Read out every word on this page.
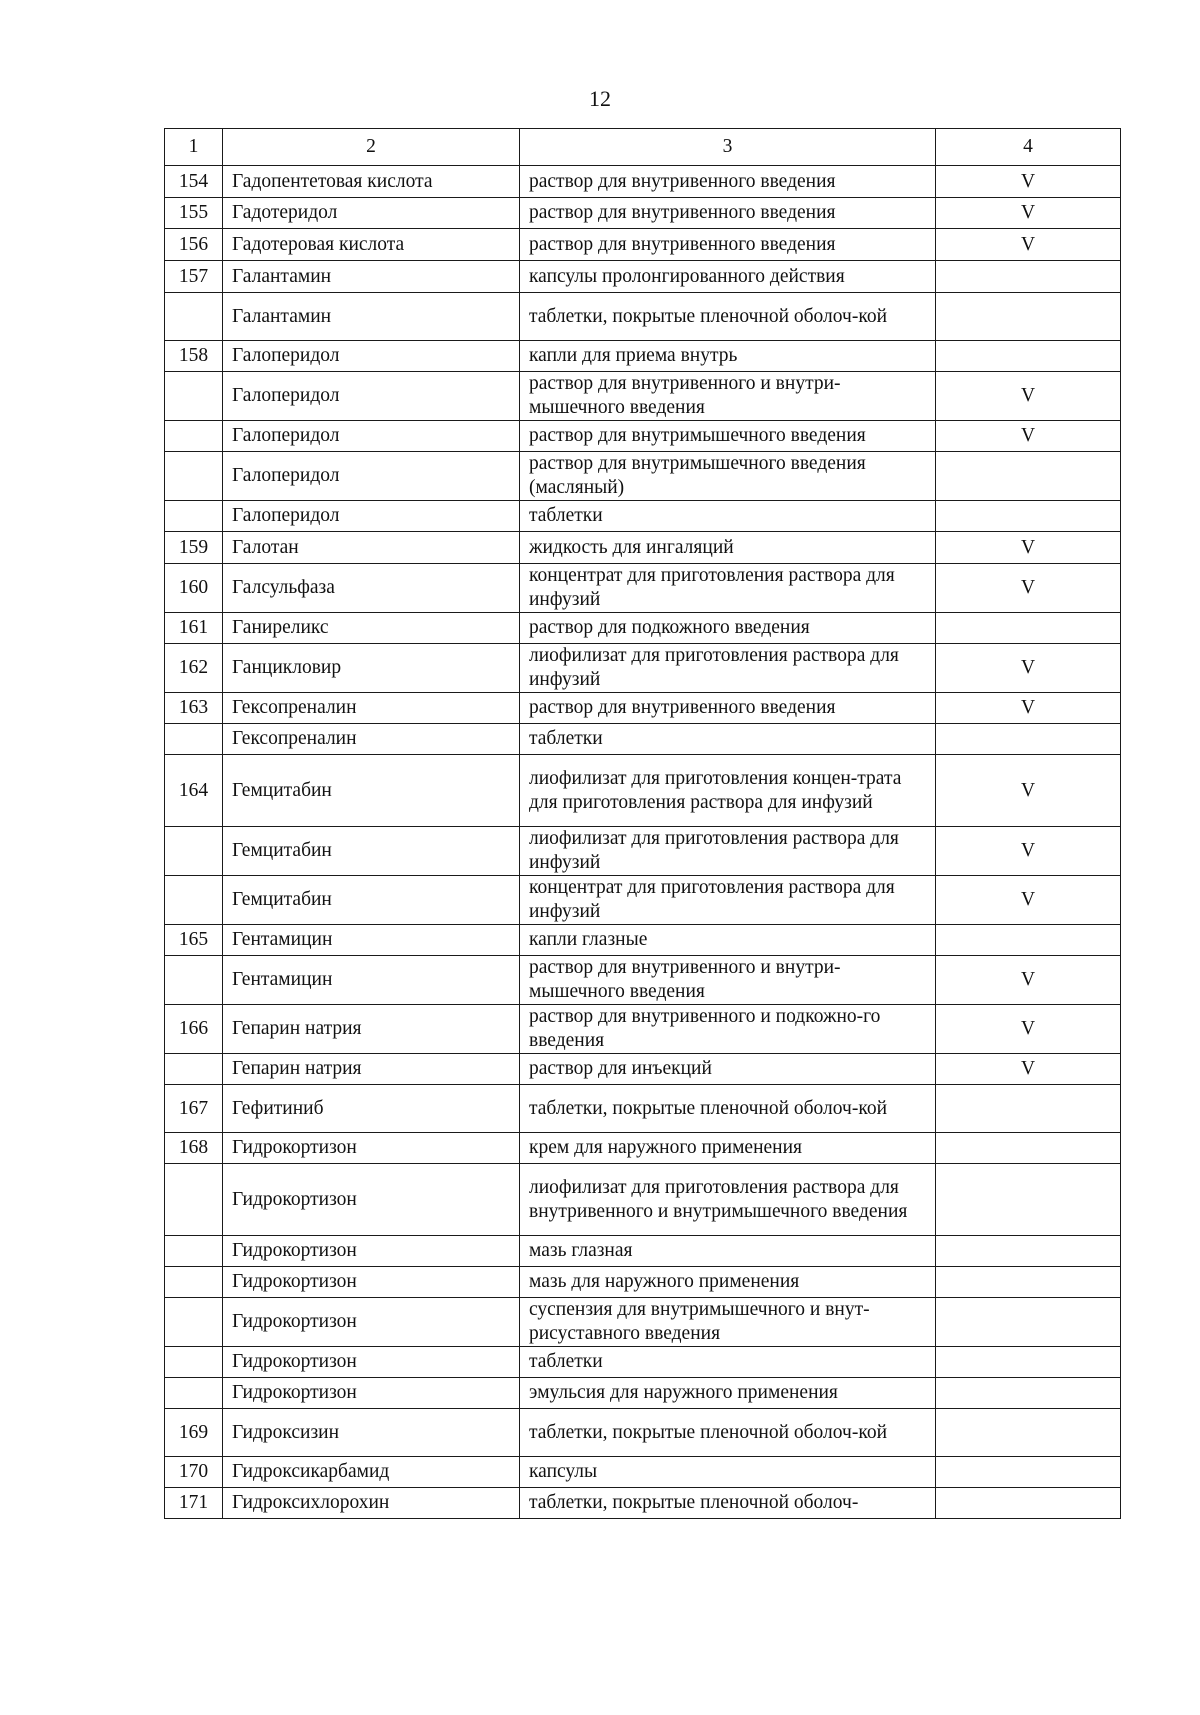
12
1	2	3	4
154	Гадопентетовая кислота	раствор для внутривенного введения	V
155	Гадотеридол	раствор для внутривенного введения	V
156	Гадотеровая кислота	раствор для внутривенного введения	V
157	Галантамин	капсулы пролонгированного действия	
	Галантамин	таблетки, покрытые пленочной оболоч-кой	
158	Галоперидол	капли для приема внутрь	
	Галоперидол	раствор для внутривенного и внутри-мышечного введения	V
	Галоперидол	раствор для внутримышечного введения	V
	Галоперидол	раствор для внутримышечного введения (масляный)	
	Галоперидол	таблетки	
159	Галотан	жидкость для ингаляций	V
160	Галсульфаза	концентрат для приготовления раствора для инфузий	V
161	Ганиреликс	раствор для подкожного введения	
162	Ганцикловир	лиофилизат для приготовления раствора для инфузий	V
163	Гексопреналин	раствор для внутривенного введения	V
	Гексопреналин	таблетки	
164	Гемцитабин	лиофилизат для приготовления концен-трата для приготовления раствора для инфузий	V
	Гемцитабин	лиофилизат для приготовления раствора для инфузий	V
	Гемцитабин	концентрат для приготовления раствора для инфузий	V
165	Гентамицин	капли глазные	
	Гентамицин	раствор для внутривенного и внутри-мышечного введения	V
166	Гепарин натрия	раствор для внутривенного и подкожно-го введения	V
	Гепарин натрия	раствор для инъекций	V
167	Гефитиниб	таблетки, покрытые пленочной оболоч-кой	
168	Гидрокортизон	крем для наружного применения	
	Гидрокортизон	лиофилизат для приготовления раствора для внутривенного и внутримышечного введения	
	Гидрокортизон	мазь глазная	
	Гидрокортизон	мазь для наружного применения	
	Гидрокортизон	суспензия для внутримышечного и внут-рисуставного введения	
	Гидрокортизон	таблетки	
	Гидрокортизон	эмульсия для наружного применения	
169	Гидроксизин	таблетки, покрытые пленочной оболоч-кой	
170	Гидроксикарбамид	капсулы	
171	Гидроксихлорохин	таблетки, покрытые пленочной оболоч-	
